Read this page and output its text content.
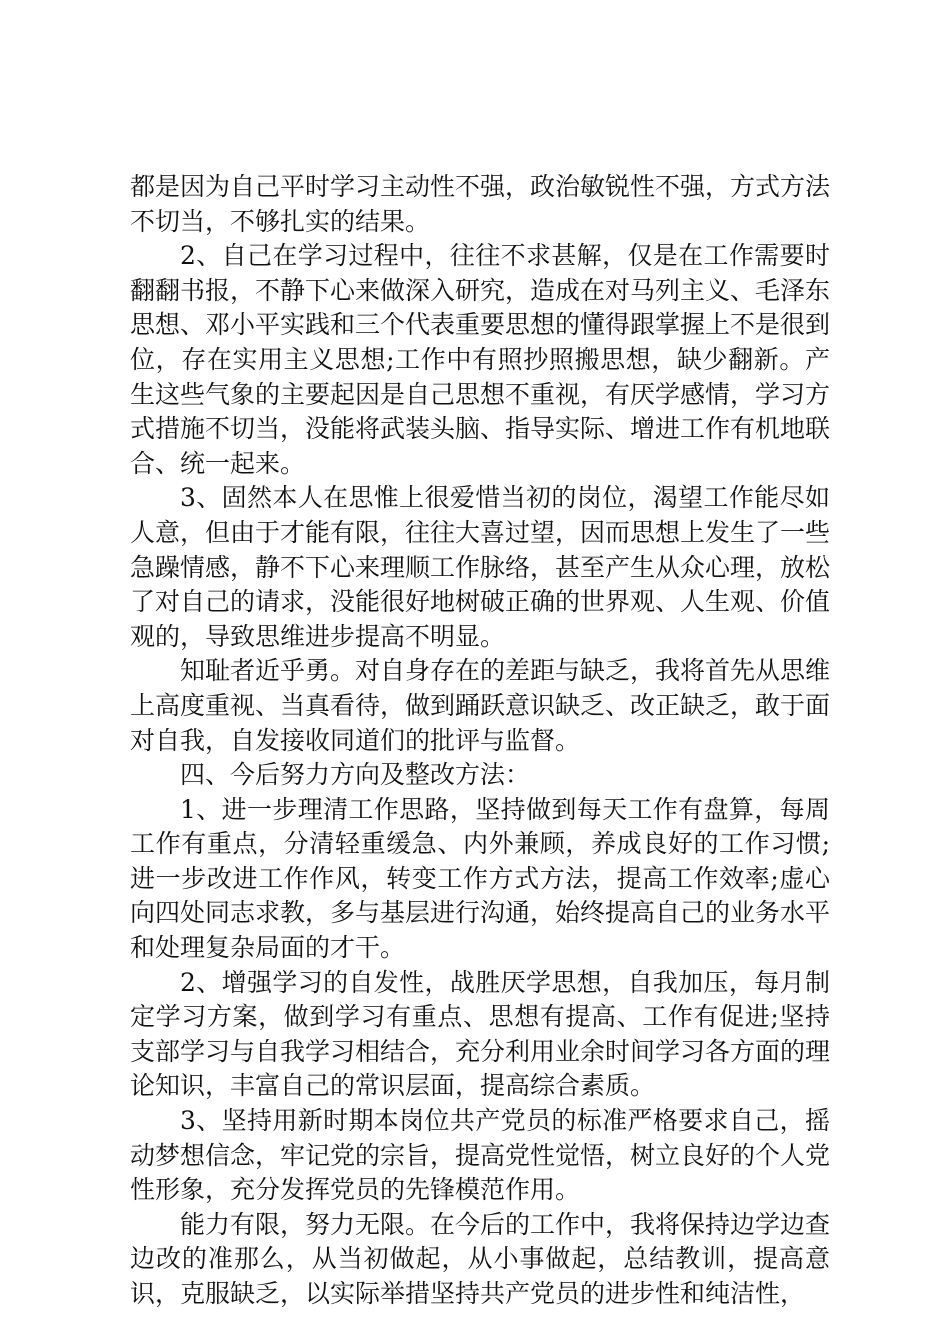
都是因为自己平时学习主动性不强，政治敏锐性不强，方式方法不切当，不够扎实的结果。

2、自己在学习过程中，往往不求甚解，仅是在工作需要时翻翻书报，不静下心来做深入研究，造成在对马列主义、毛泽东思想、邓小平实践和三个代表重要思想的懂得跟掌握上不是很到位，存在实用主义思想;工作中有照抄照搬思想，缺少翻新。产生这些气象的主要起因是自己思想不重视，有厌学感情，学习方式措施不切当，没能将武装头脑、指导实际、增进工作有机地联合、统一起来。

3、固然本人在思惟上很爱惜当初的岗位，渴望工作能尽如人意，但由于才能有限，往往大喜过望，因而思想上发生了一些急躁情感，静不下心来理顺工作脉络，甚至产生从众心理，放松了对自己的请求，没能很好地树破正确的世界观、人生观、价值观的，导致思维进步提高不明显。

知耻者近乎勇。对自身存在的差距与缺乏，我将首先从思维上高度重视、当真看待，做到踊跃意识缺乏、改正缺乏，敢于面对自我，自发接收同道们的批评与监督。

四、今后努力方向及整改方法：

1、进一步理清工作思路，坚持做到每天工作有盘算，每周工作有重点，分清轻重缓急、内外兼顾，养成良好的工作习惯;进一步改进工作作风，转变工作方式方法，提高工作效率;虚心向四处同志求教，多与基层进行沟通，始终提高自己的业务水平和处理复杂局面的才干。

2、增强学习的自发性，战胜厌学思想，自我加压，每月制定学习方案，做到学习有重点、思想有提高、工作有促进;坚持支部学习与自我学习相结合，充分利用业余时间学习各方面的理论知识，丰富自己的常识层面，提高综合素质。

3、坚持用新时期本岗位共产党员的标准严格要求自己，摇动梦想信念，牢记党的宗旨，提高党性觉悟，树立良好的个人党性形象，充分发挥党员的先锋模范作用。

能力有限，努力无限。在今后的工作中，我将保持边学边查边改的准那么，从当初做起，从小事做起，总结教训，提高意识，克服缺乏，以实际举措坚持共产党员的进步性和纯洁性，
